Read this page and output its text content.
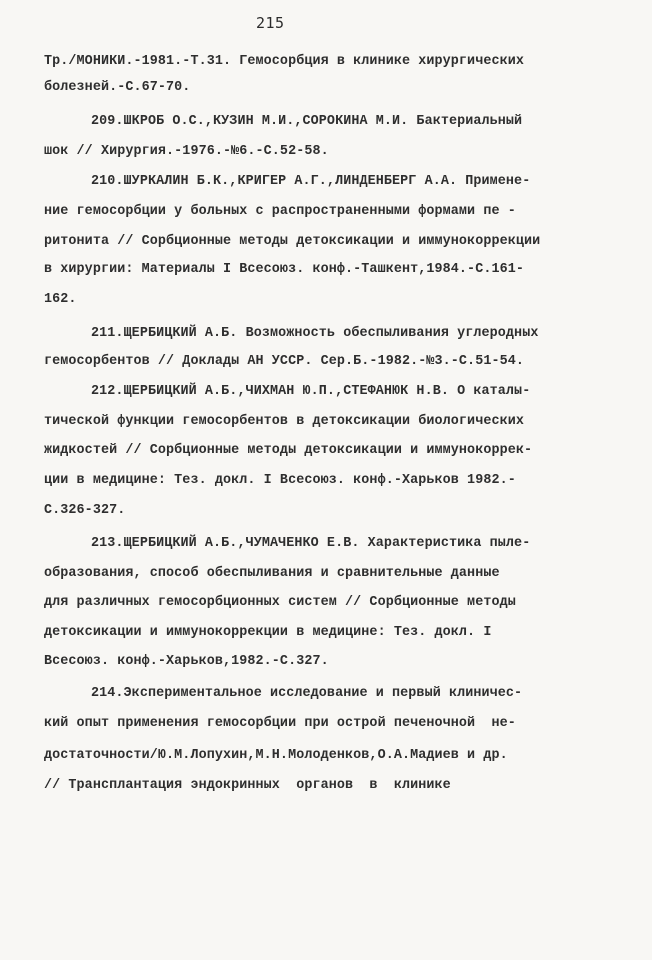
215
Тр./МОНИКИ.-1981.-Т.31. Гемосорбция в клинике хирургических
болезней.-С.67-70.
209.ШКРОБ О.С.,КУЗИН М.И.,СОРОКИНА М.И. Бактериальный
шок // Хирургия.-1976.-№6.-С.52-58.
210.ШУРКАЛИН Б.К.,КРИГЕР А.Г.,ЛИНДЕНБЕРГ А.А. Примене-
ние гемосорбции у больных с распространенными формами пе -
ритонита // Сорбционные методы детоксикации и иммунокоррекции
в хирургии: Материалы I Всесоюз. конф.-Ташкент,1984.-С.161-
162.
211.ЩЕРБИЦКИЙ А.Б. Возможность обеспыливания углеродных
гемосорбентов // Доклады АН УССР. Сер.Б.-1982.-№3.-С.51-54.
212.ЩЕРБИЦКИЙ А.Б.,ЧИХМАН Ю.П.,СТЕФАНЮК Н.В. О каталы-
тической функции гемосорбентов в детоксикации биологических
жидкостей // Сорбционные методы детоксикации и иммунокоррек-
ции в медицине: Тез. докл. I Всесоюз. конф.-Харьков 1982.-
С.326-327.
213.ЩЕРБИЦКИЙ А.Б.,ЧУМАЧЕНКО Е.В. Характеристика пыле-
образования, способ обеспыливания и сравнительные данные
для различных гемосорбционных систем // Сорбционные методы
детоксикации и иммунокоррекции в медицине: Тез. докл. I
Всесоюз. конф.-Харьков,1982.-С.327.
214.Экспериментальное исследование и первый клиничес-
кий опыт применения гемосорбции при острой печеночной  не-
достаточности/Ю.М.Лопухин,М.Н.Молоденков,О.А.Мадиев и др.
// Трансплантация эндокринных  органов  в  клинике
